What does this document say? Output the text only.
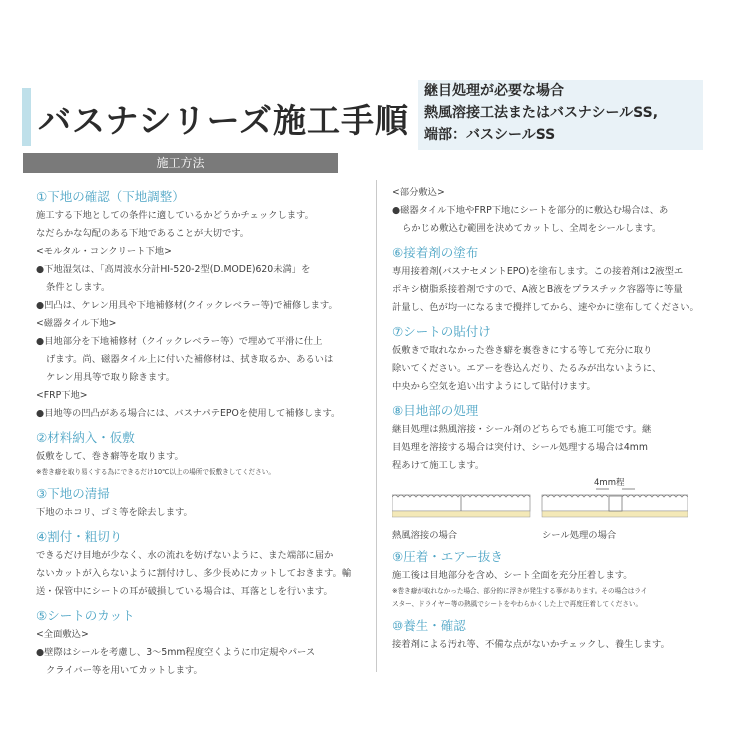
バスナシリーズ施工手順
継目処理が必要な場合
熱風溶接工法またはバスナシールSS,
端部：バスシールSS
施工方法
①下地の確認（下地調整）
施工する下地としての条件に適しているかどうかチェックします。
なだらかな勾配のある下地であることが大切です。
<モルタル・コンクリート下地>
●下地湿気は、「高周波水分計HI-520-2型(D.MODE)620未満」を
条件とします。
●凹凸は、ケレン用具や下地補修材(クイックレベラー等)で補修します。
<磁器タイル下地>
●目地部分を下地補修材（クイックレベラー等）で埋めて平滑に仕上
げます。尚、磁器タイル上に付いた補修材は、拭き取るか、あるいは
ケレン用具等で取り除きます。
<FRP下地>
●目地等の凹凸がある場合には、バスナパテEPOを使用して補修します。
②材料納入・仮敷
仮敷をして、巻き癖等を取ります。
※巻き癖を取り易くする為にできるだけ10℃以上の場所で仮敷きしてください。
③下地の清掃
下地のホコリ、ゴミ等を除去します。
④割付・粗切り
できるだけ目地が少なく、水の流れを妨げないように、また端部に届か
ないカットが入らないように割付けし、多少長めにカットしておきます。輸
送・保管中にシートの耳が破損している場合は、耳落としを行います。
⑤シートのカット
<全面敷込>
●壁際はシールを考慮し、3～5mm程度空くように巾定規やパース
クライバー等を用いてカットします。
<部分敷込>
●磁器タイル下地やFRP下地にシートを部分的に敷込む場合は、あ
らかじめ敷込む範囲を決めてカットし、全周をシールします。
⑥接着剤の塗布
専用接着剤(バスナセメントEPO)を塗布します。この接着剤は2液型エ
ポキシ樹脂系接着剤ですので、A液とB液をプラスチック容器等に等量
計量し、色が均一になるまで攪拌してから、速やかに塗布してください。
⑦シートの貼付け
仮敷きで取れなかった巻き癖を裏巻きにする等して充分に取り
除いてください。エアーを巻込んだり、たるみが出ないように、
中央から空気を追い出すようにして貼付けます。
⑧目地部の処理
継目処理は熱風溶接・シール剤のどちらでも施工可能です。継
目処理を溶接する場合は突付け、シール処理する場合は4mm
程あけて施工します。
4mm程
熱風溶接の場合	シール処理の場合
⑨圧着・エアー抜き
施工後は目地部分を含め、シート全面を充分圧着します。
※巻き癖が取れなかった場合、部分的に浮きが発生する事があります。その場合はライ
スター、ドライヤー等の熱風でシートをやわらかくした上で再度圧着してください。
⑩養生・確認
接着剤による汚れ等、不備な点がないかチェックし、養生します。
